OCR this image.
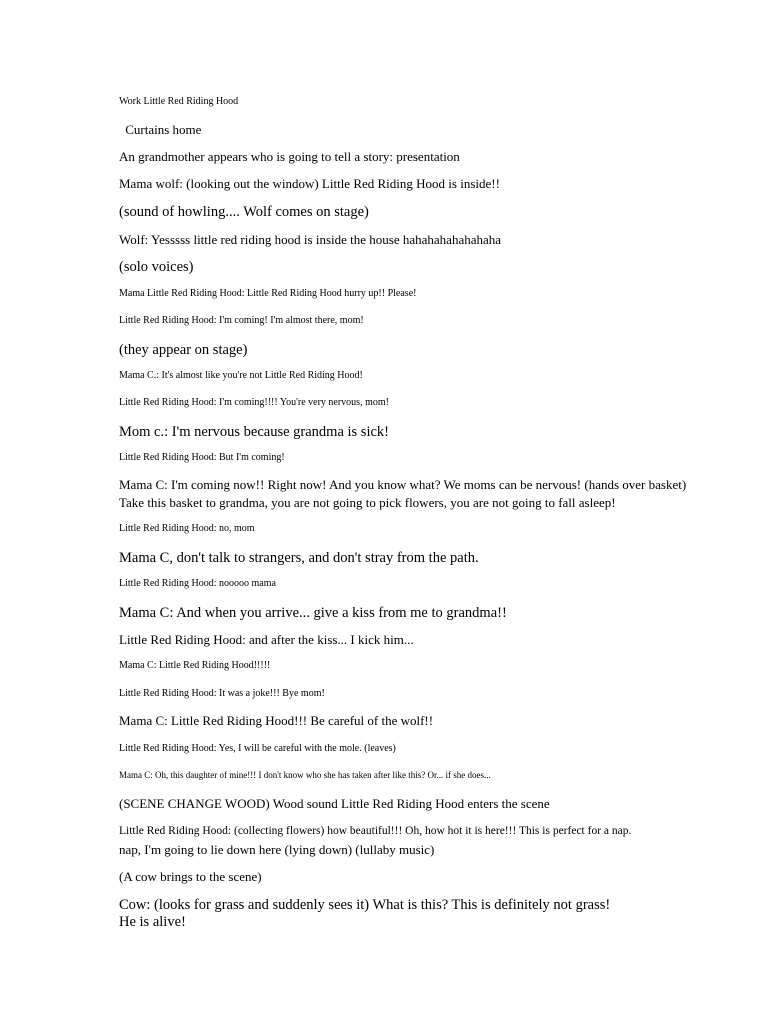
Work Little Red Riding Hood
Curtains home
An grandmother appears who is going to tell a story: presentation
Mama wolf: (looking out the window) Little Red Riding Hood is inside!!
(sound of howling.... Wolf comes on stage)
Wolf: Yesssss little red riding hood is inside the house hahahahahahahaha
(solo voices)
Mama Little Red Riding Hood: Little Red Riding Hood hurry up!! Please!
Little Red Riding Hood: I'm coming! I'm almost there, mom!
(they appear on stage)
Mama C.: It's almost like you're not Little Red Riding Hood!
Little Red Riding Hood: I'm coming!!!! You're very nervous, mom!
Mom c.: I'm nervous because grandma is sick!
Little Red Riding Hood: But I'm coming!
Mama C: I'm coming now!! Right now! And you know what? We moms can be nervous! (hands over basket)
Take this basket to grandma, you are not going to pick flowers, you are not going to fall asleep!
Little Red Riding Hood: no, mom
Mama C, don't talk to strangers, and don't stray from the path.
Little Red Riding Hood: nooooo mama
Mama C: And when you arrive... give a kiss from me to grandma!!
Little Red Riding Hood: and after the kiss... I kick him...
Mama C: Little Red Riding Hood!!!!!
Little Red Riding Hood: It was a joke!!! Bye mom!
Mama C: Little Red Riding Hood!!! Be careful of the wolf!!
Little Red Riding Hood: Yes, I will be careful with the mole. (leaves)
Mama C: Oh, this daughter of mine!!! I don't know who she has taken after like this? Or... if she does...
(SCENE CHANGE WOOD) Wood sound Little Red Riding Hood enters the scene
Little Red Riding Hood: (collecting flowers) how beautiful!!! Oh, how hot it is here!!! This is perfect for a nap.
nap, I'm going to lie down here (lying down) (lullaby music)
(A cow brings to the scene)
Cow: (looks for grass and suddenly sees it) What is this? This is definitely not grass!
He is alive!
